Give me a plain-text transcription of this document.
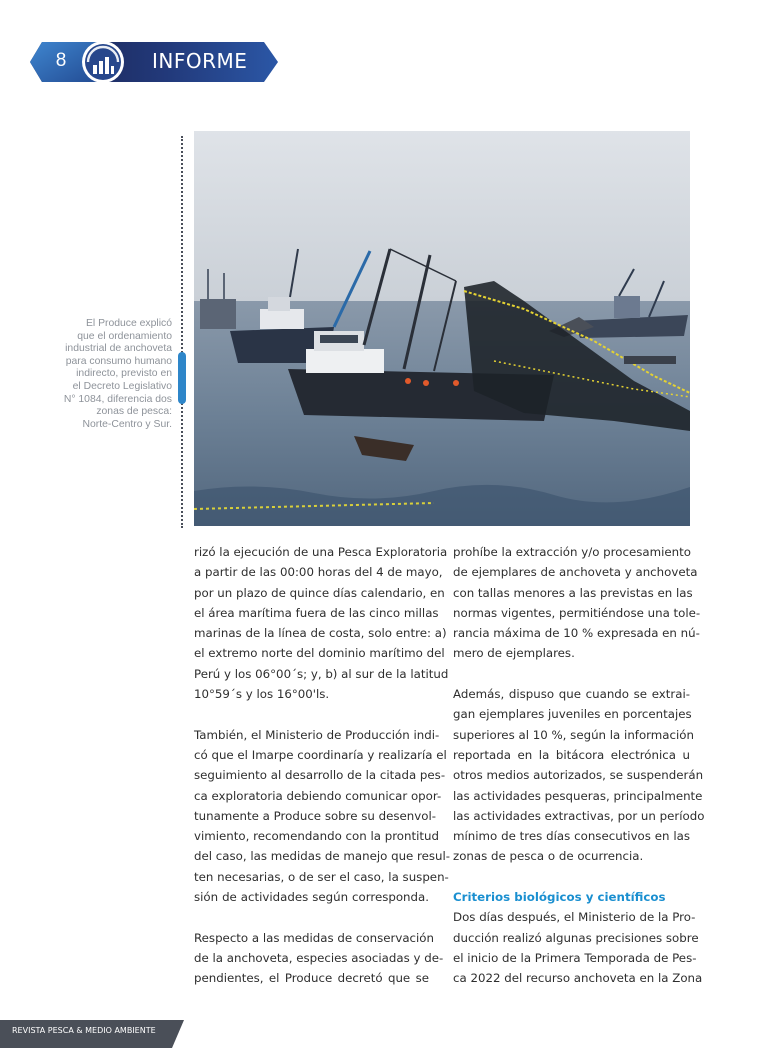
8	INFORME
El Produce explicó
que el ordenamiento
industrial de anchoveta
para consumo humano
indirecto, previsto en
el Decreto Legislativo
N° 1084, diferencia dos
zonas de pesca:
Norte-Centro y Sur.
rizó la ejecución de una Pesca Exploratoria
a partir de las 00:00 horas del 4 de mayo,
por un plazo de quince días calendario, en
el área marítima fuera de las cinco millas
marinas de la línea de costa, solo entre: a)
el extremo norte del dominio marítimo del
Perú y los 06°00´s; y, b) al sur de la latitud
10°59´s y los 16°00'ls.
También, el Ministerio de Producción indi-
có que el Imarpe coordinaría y realizaría el
seguimiento al desarrollo de la citada pes-
ca exploratoria debiendo comunicar opor-
tunamente a Produce sobre su desenvol-
vimiento, recomendando con la prontitud
del caso, las medidas de manejo que resul-
ten necesarias, o de ser el caso, la suspen-
sión de actividades según corresponda.
Respecto a las medidas de conservación
de la anchoveta, especies asociadas y de-
pendientes, el Produce decretó que se
prohíbe la extracción y/o procesamiento
de ejemplares de anchoveta y anchoveta
con tallas menores a las previstas en las
normas vigentes, permitiéndose una tole-
rancia máxima de 10 % expresada en nú-
mero de ejemplares.
Además, dispuso que cuando se extrai-
gan ejemplares juveniles en porcentajes
superiores al 10 %, según la información
reportada en la bitácora electrónica u
otros medios autorizados, se suspenderán
las actividades pesqueras, principalmente
las actividades extractivas, por un período
mínimo de tres días consecutivos en las
zonas de pesca o de ocurrencia.
Criterios biológicos y científicos
Dos días después, el Ministerio de la Pro-
ducción realizó algunas precisiones sobre
el inicio de la Primera Temporada de Pes-
ca 2022 del recurso anchoveta en la Zona
REVISTA PESCA & MEDIO AMBIENTE
